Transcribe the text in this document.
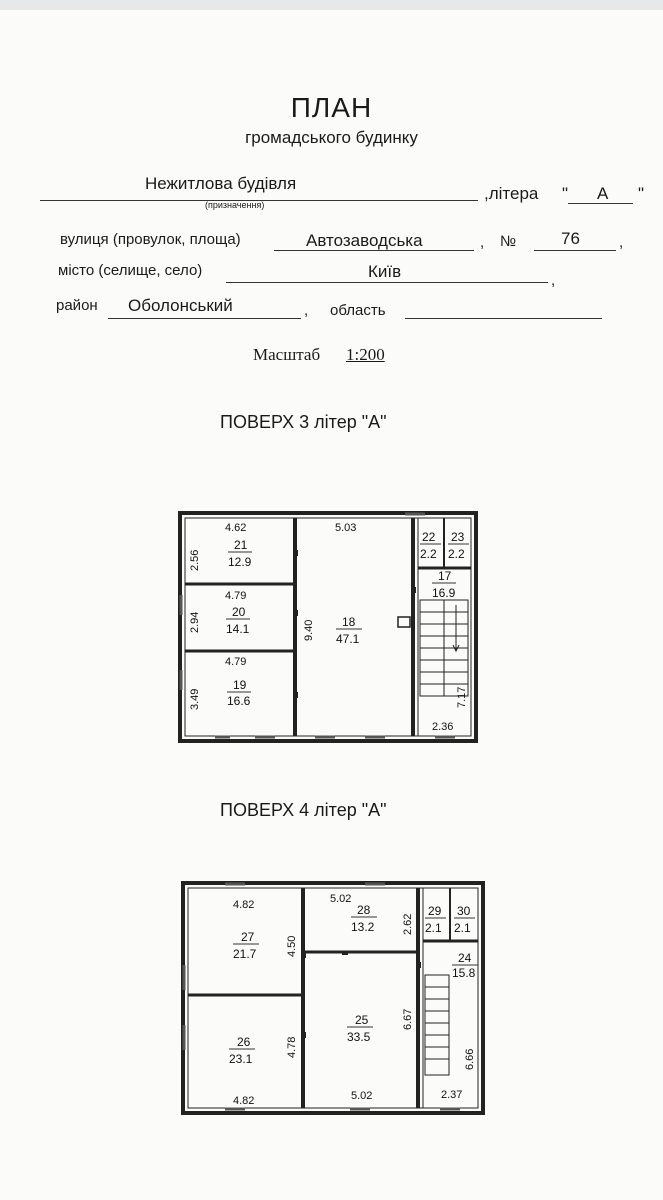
ПЛАН
громадського будинку
Нежитлова будівля
(призначення)
,літера " А "
вулиця (провулок, площа)	Автозаводська	, №	76	,
місто (селище, село)	Київ	,
район Оболонський	, область
Масштаб 1:200
ПОВЕРХ 3 літер "А"
4.62
4.79
4.79
5.03
2.36
2.56
2.94
3.49
9.40
7.17
21
12.9
20
14.1
19
16.6
18
47.1
22
2.2
23
2.2
17
16.9
ПОВЕРХ 4 літер "А"
4.82	5.02
4.82	5.02	2.37
4.50
2.62
4.78
6.67
6.66
27
21.7
28
13.2
29
2.1
30
2.1
24
15.8
26
23.1
25
33.5
